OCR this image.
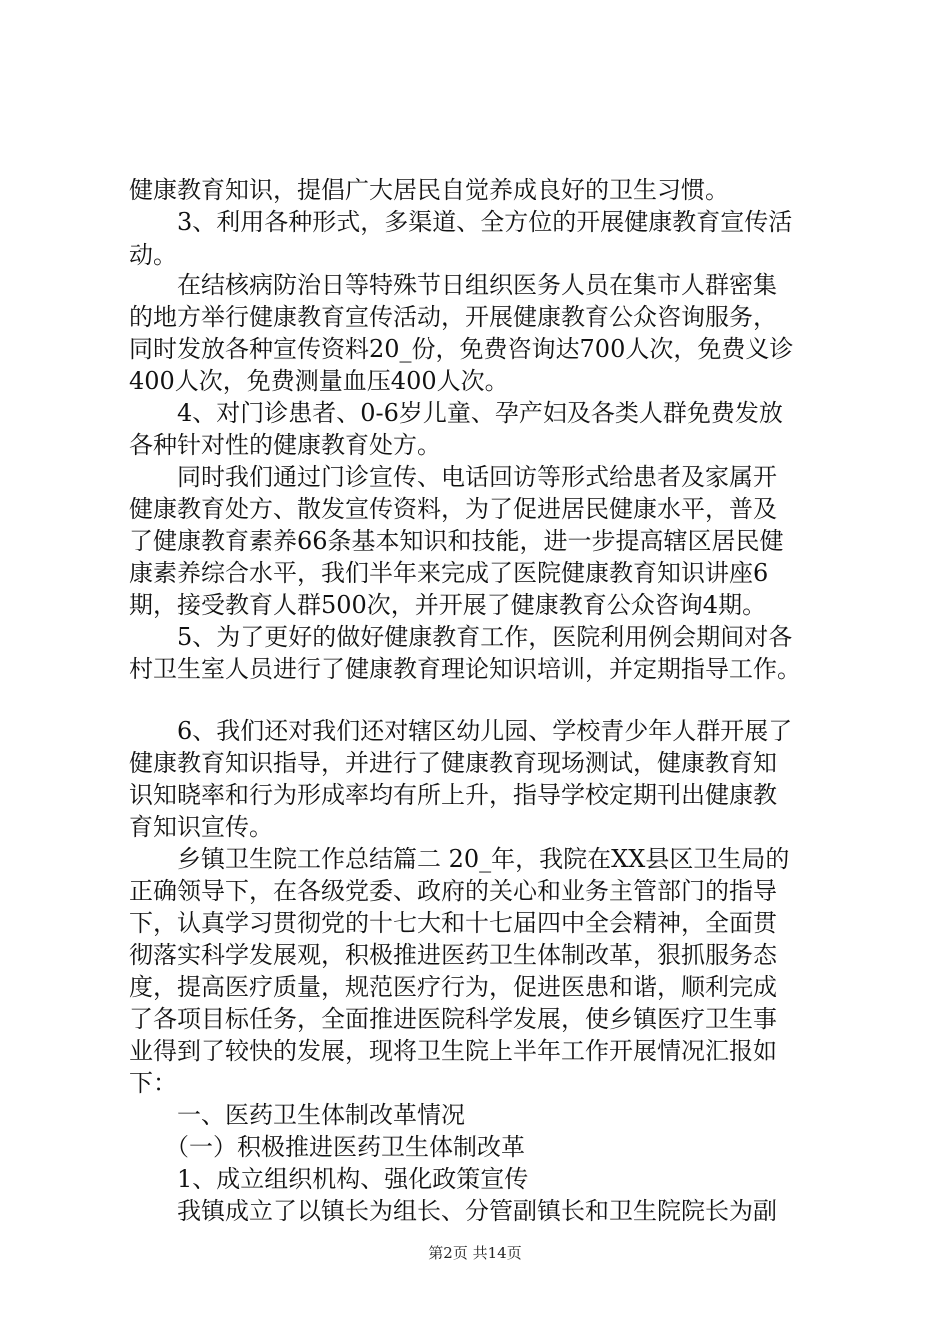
健康教育知识，提倡广大居民自觉养成良好的卫生习惯。
3、利用各种形式，多渠道、全方位的开展健康教育宣传活
动。
在结核病防治日等特殊节日组织医务人员在集市人群密集
的地方举行健康教育宣传活动，开展健康教育公众咨询服务，
同时发放各种宣传资料20_份，免费咨询达700人次，免费义诊
400人次，免费测量血压400人次。
4、对门诊患者、0-6岁儿童、孕产妇及各类人群免费发放
各种针对性的健康教育处方。
同时我们通过门诊宣传、电话回访等形式给患者及家属开
健康教育处方、散发宣传资料，为了促进居民健康水平，普及
了健康教育素养66条基本知识和技能，进一步提高辖区居民健
康素养综合水平，我们半年来完成了医院健康教育知识讲座6
期，接受教育人群500次，并开展了健康教育公众咨询4期。
5、为了更好的做好健康教育工作，医院利用例会期间对各
村卫生室人员进行了健康教育理论知识培训，并定期指导工作。
6、我们还对我们还对辖区幼儿园、学校青少年人群开展了
健康教育知识指导，并进行了健康教育现场测试，健康教育知
识知晓率和行为形成率均有所上升，指导学校定期刊出健康教
育知识宣传。
乡镇卫生院工作总结篇二 20_年，我院在XX县区卫生局的
正确领导下，在各级党委、政府的关心和业务主管部门的指导
下，认真学习贯彻党的十七大和十七届四中全会精神，全面贯
彻落实科学发展观，积极推进医药卫生体制改革，狠抓服务态
度，提高医疗质量，规范医疗行为，促进医患和谐，顺利完成
了各项目标任务，全面推进医院科学发展，使乡镇医疗卫生事
业得到了较快的发展，现将卫生院上半年工作开展情况汇报如
下：
一、医药卫生体制改革情况
（一）积极推进医药卫生体制改革
1、成立组织机构、强化政策宣传
我镇成立了以镇长为组长、分管副镇长和卫生院院长为副
第2页 共14页
